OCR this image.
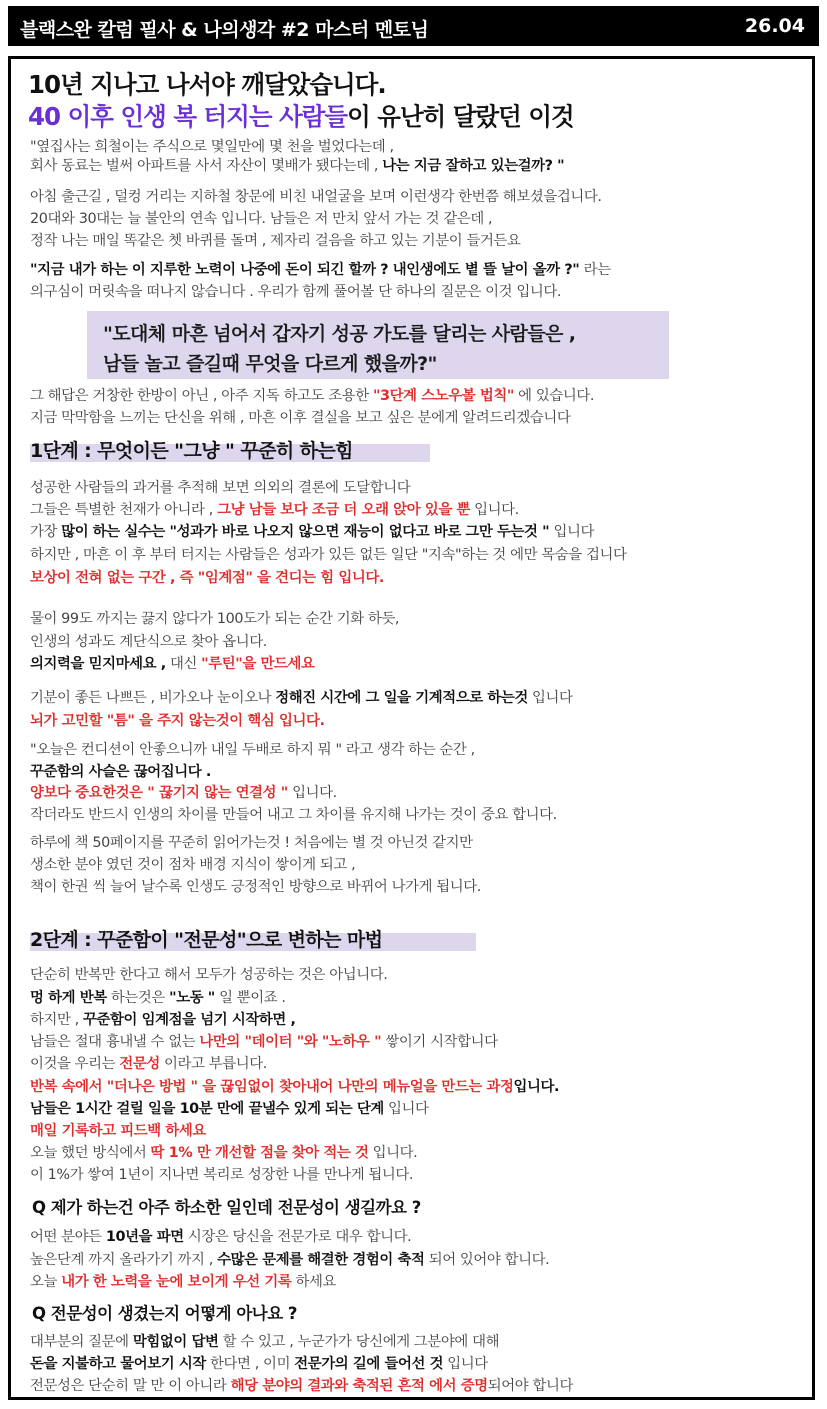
블랙스완 칼럼 필사 & 나의생각 #2 마스터 멘토님	26.04
10년 지나고 나서야 깨달았습니다.
40 이후 인생 복 터지는 사람들이 유난히 달랐던 이것
"옆집사는 희철이는 주식으로 몇일만에 몇 천을 벌었다는데 ,
회사 동료는 벌써 아파트를 사서 자산이 몇배가 됐다는데 , 나는 지금 잘하고 있는걸까? "
아침 출근길 , 덜컹 거리는 지하철 창문에 비친 내얼굴을 보며 이런생각 한번쯤 해보셨을겁니다.
20대와 30대는 늘 불안의 연속 입니다. 남들은 저 만치 앞서 가는 것 같은데 ,
정작 나는 매일 똑같은 쳇 바퀴를 돌며 , 제자리 걸음을 하고 있는 기분이 들거든요
"지금 내가 하는 이 지루한 노력이 나중에 돈이 되긴 할까 ? 내인생에도 볕 뜰 날이 올까 ?" 라는
의구심이 머릿속을 떠나지 않습니다 . 우리가 함께 풀어볼 단 하나의 질문은 이것 입니다.
"도대체 마흔 넘어서 갑자기 성공 가도를 달리는 사람들은 ,
남들 놀고 즐길때 무엇을 다르게 했을까?"
그 해답은 거창한 한방이 아닌 , 아주 지독 하고도 조용한 "3단계 스노우볼 법칙" 에 있습니다.
지금 막막함을 느끼는 단신을 위해 , 마흔 이후 결실을 보고 싶은 분에게 알려드리겠습니다
1단계 : 무엇이든 "그냥 " 꾸준히 하는힘
성공한 사람들의 과거를 추적해 보면 의외의 결론에 도달합니다
그들은 특별한 천재가 아니라 , 그냥 남들 보다 조금 더 오래 앉아 있을 뿐 입니다.
가장 많이 하는 실수는 "성과가 바로 나오지 않으면 재능이 없다고 바로 그만 두는것 " 입니다
하지만 , 마흔 이 후 부터 터지는 사람들은 성과가 있든 없든 일단 "지속"하는 것 에만 목숨을 겁니다
보상이 전혀 없는 구간 , 즉 "임계점" 을 견디는 힘 입니다.
물이 99도 까지는 끓지 않다가 100도가 되는 순간 기화 하듯,
인생의 성과도 계단식으로 찾아 옵니다.
의지력을 믿지마세요 , 대신 "루틴"을 만드세요
기분이 좋든 나쁘든 , 비가오나 눈이오나 정해진 시간에 그 일을 기계적으로 하는것 입니다
뇌가 고민할 "틈" 을 주지 않는것이 핵심 입니다.
"오늘은 컨디션이 안좋으니까 내일 두배로 하지 뭐 " 라고 생각 하는 순간 ,
꾸준함의 사슬은 끊어집니다 .
양보다 중요한것은 " 끊기지 않는 연결성 " 입니다.
작더라도 반드시 인생의 차이를 만들어 내고 그 차이를 유지해 나가는 것이 중요 합니다.
하루에 책 50페이지를 꾸준히 읽어가는것 ! 처음에는 별 것 아닌것 같지만
생소한 분야 였던 것이 점차 배경 지식이 쌓이게 되고 ,
책이 한권 씩 늘어 날수록 인생도 긍정적인 방향으로 바뀌어 나가게 됩니다.
2단계 : 꾸준함이 "전문성"으로 변하는 마법
단순히 반복만 한다고 해서 모두가 성공하는 것은 아닙니다.
멍 하게 반복 하는것은 "노동 " 일 뿐이죠 .
하지만 , 꾸준함이 임계점을 넘기 시작하면 ,
남들은 절대 흉내낼 수 없는 나만의 "데이터 "와 "노하우 " 쌓이기 시작합니다
이것을 우리는 전문성 이라고 부릅니다.
반복 속에서 "더나은 방법 " 을 끊임없이 찾아내어 나만의 메뉴얼을 만드는 과정입니다.
남들은 1시간 걸릴 일을 10분 만에 끝낼수 있게 되는 단계 입니다
매일 기록하고 피드백 하세요
오늘 했던 방식에서 딱 1% 만 개선할 점을 찾아 적는 것 입니다.
이 1%가 쌓여 1년이 지나면 복리로 성장한 나를 만나게 됩니다.
Q 제가 하는건 아주 하소한 일인데 전문성이 생길까요 ?
어떤 분야든 10년을 파면 시장은 당신을 전문가로 대우 합니다.
높은단계 까지 올라가기 까지 , 수많은 문제를 해결한 경험이 축적 되어 있어야 합니다.
오늘 내가 한 노력을 눈에 보이게 우선 기록 하세요
Q 전문성이 생겼는지 어떻게 아나요 ?
대부분의 질문에 막힘없이 답변 할 수 있고 , 누군가가 당신에게 그분야에 대해
돈을 지불하고 물어보기 시작 한다면 , 이미 전문가의 길에 들어선 것 입니다
전문성은 단순히 말 만 이 아니라 해당 분야의 결과와 축적된 흔적 에서 증명되어야 합니다
